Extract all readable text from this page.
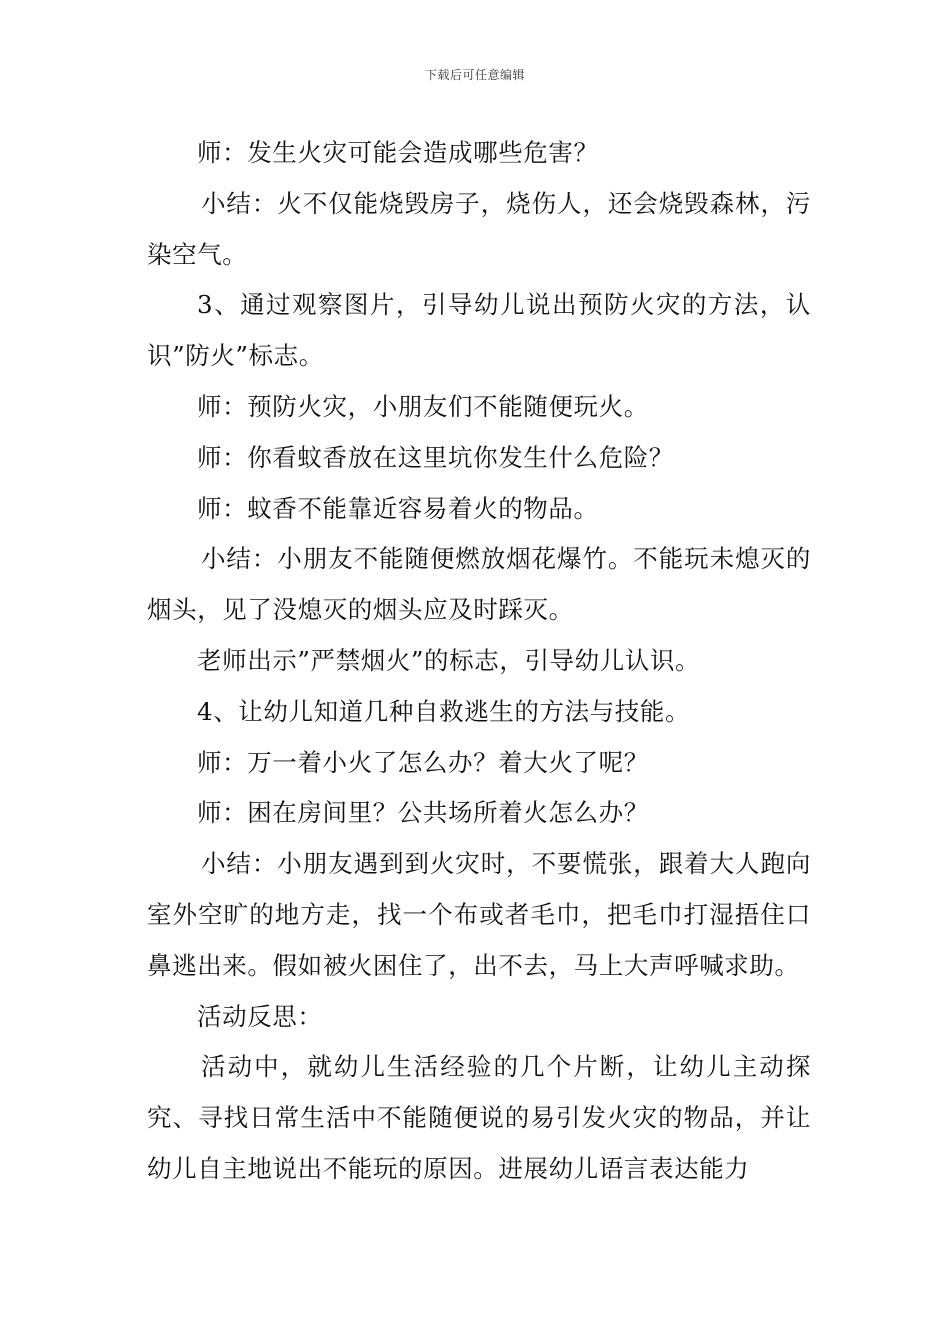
下载后可任意编辑

师：发生火灾可能会造成哪些危害？

小结：火不仅能烧毁房子，烧伤人，还会烧毁森林，污染空气。

3、通过观察图片，引导幼儿说出预防火灾的方法，认识”防火”标志。

师：预防火灾，小朋友们不能随便玩火。

师：你看蚊香放在这里坑你发生什么危险？

师：蚊香不能靠近容易着火的物品。

小结：小朋友不能随便燃放烟花爆竹。不能玩未熄灭的烟头，见了没熄灭的烟头应及时踩灭。

老师出示”严禁烟火”的标志，引导幼儿认识。

4、让幼儿知道几种自救逃生的方法与技能。

师：万一着小火了怎么办？着大火了呢？

师：困在房间里？公共场所着火怎么办？

小结：小朋友遇到到火灾时，不要慌张，跟着大人跑向室外空旷的地方走，找一个布或者毛巾，把毛巾打湿捂住口鼻逃出来。假如被火困住了，出不去，马上大声呼喊求助。

活动反思：

活动中，就幼儿生活经验的几个片断，让幼儿主动探究、寻找日常生活中不能随便说的易引发火灾的物品，并让幼儿自主地说出不能玩的原因。进展幼儿语言表达能力
